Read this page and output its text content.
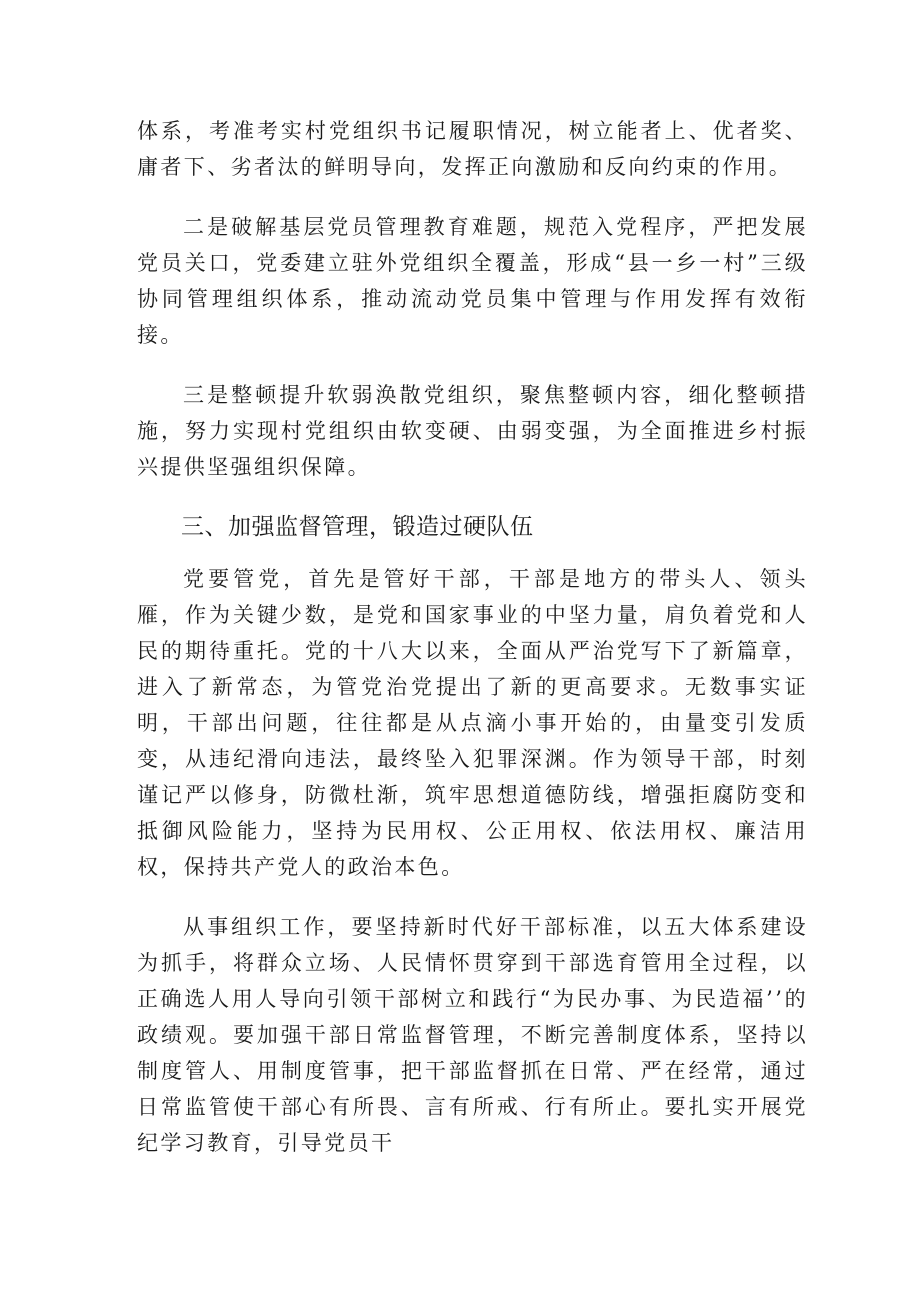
体系，考准考实村党组织书记履职情况，树立能者上、优者奖、庸者下、劣者汰的鲜明导向，发挥正向激励和反向约束的作用。

二是破解基层党员管理教育难题，规范入党程序，严把发展党员关口，党委建立驻外党组织全覆盖，形成“县一乡一村”三级协同管理组织体系，推动流动党员集中管理与作用发挥有效衔接。

三是整顿提升软弱涣散党组织，聚焦整顿内容，细化整顿措施，努力实现村党组织由软变硬、由弱变强，为全面推进乡村振兴提供坚强组织保障。

三、加强监督管理，锻造过硬队伍

党要管党，首先是管好干部，干部是地方的带头人、领头雁，作为关键少数，是党和国家事业的中坚力量，肩负着党和人民的期待重托。党的十八大以来，全面从严治党写下了新篇章，进入了新常态，为管党治党提出了新的更高要求。无数事实证明，干部出问题，往往都是从点滴小事开始的，由量变引发质变，从违纪滑向违法，最终坠入犯罪深渊。作为领导干部，时刻谨记严以修身，防微杜渐，筑牢思想道德防线，增强拒腐防变和抵御风险能力，坚持为民用权、公正用权、依法用权、廉洁用权，保持共产党人的政治本色。

从事组织工作，要坚持新时代好干部标准，以五大体系建设为抓手，将群众立场、人民情怀贯穿到干部选育管用全过程，以正确选人用人导向引领干部树立和践行“为民办事、为民造福’’的政绩观。要加强干部日常监督管理，不断完善制度体系，坚持以制度管人、用制度管事，把干部监督抓在日常、严在经常，通过日常监管使干部心有所畏、言有所戒、行有所止。要扎实开展党纪学习教育，引导党员干
